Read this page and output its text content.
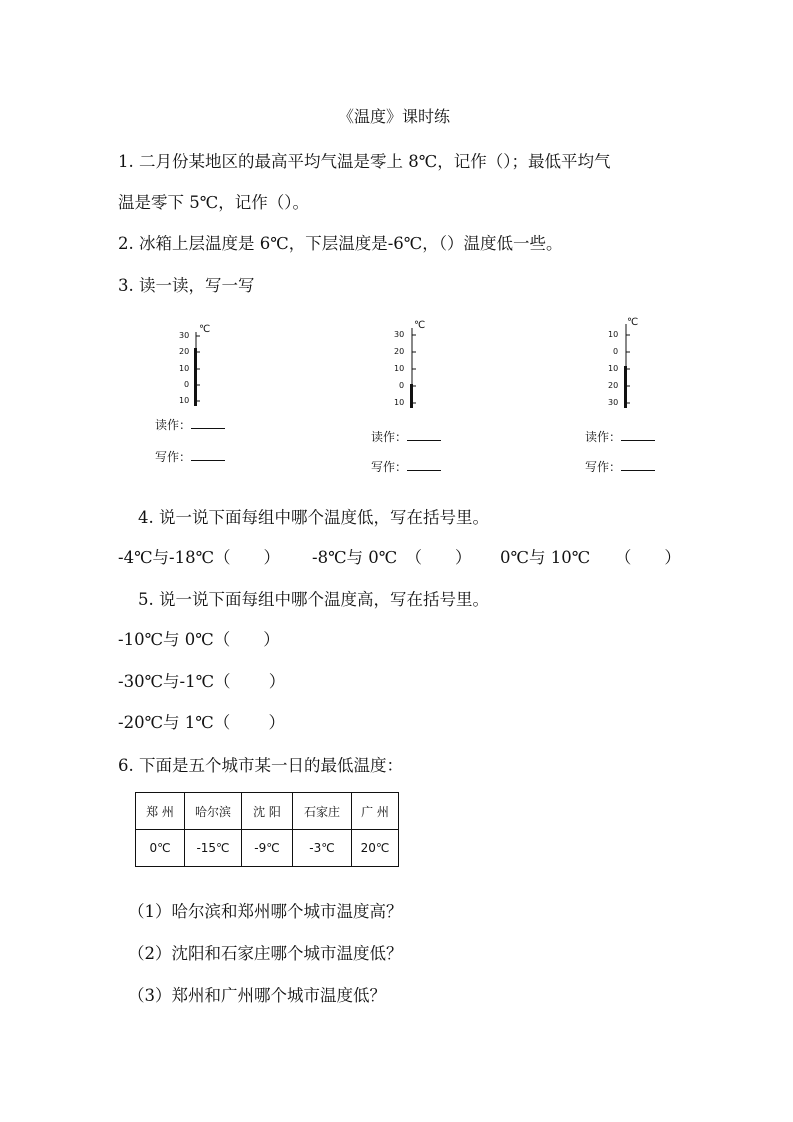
《温度》课时练
1. 二月份某地区的最高平均气温是零上 8℃，记作（）；最低平均气
温是零下 5℃，记作（）。
2. 冰箱上层温度是 6℃，下层温度是-6℃，（）温度低一些。
3. 读一读，写一写
30
20
10
0
10
℃
读作：
写作：
30
20
10
0
10
℃
读作：
写作：
10
0
10
20
30
℃
读作：
写作：
4. 说一说下面每组中哪个温度低，写在括号里。
-4℃与-18℃（　　） -8℃与 0℃　（　　） 0℃与 10℃　　（　　）
5. 说一说下面每组中哪个温度高，写在括号里。
-10℃与 0℃（　　）
-30℃与-1℃（　　 ）
-20℃与 1℃（　　 ）
6. 下面是五个城市某一日的最低温度：
郑 州	哈尔滨	沈 阳	石家庄	广 州
0℃	-15℃	-9℃	-3℃	20℃
（1）哈尔滨和郑州哪个城市温度高？
（2）沈阳和石家庄哪个城市温度低？
（3）郑州和广州哪个城市温度低？
